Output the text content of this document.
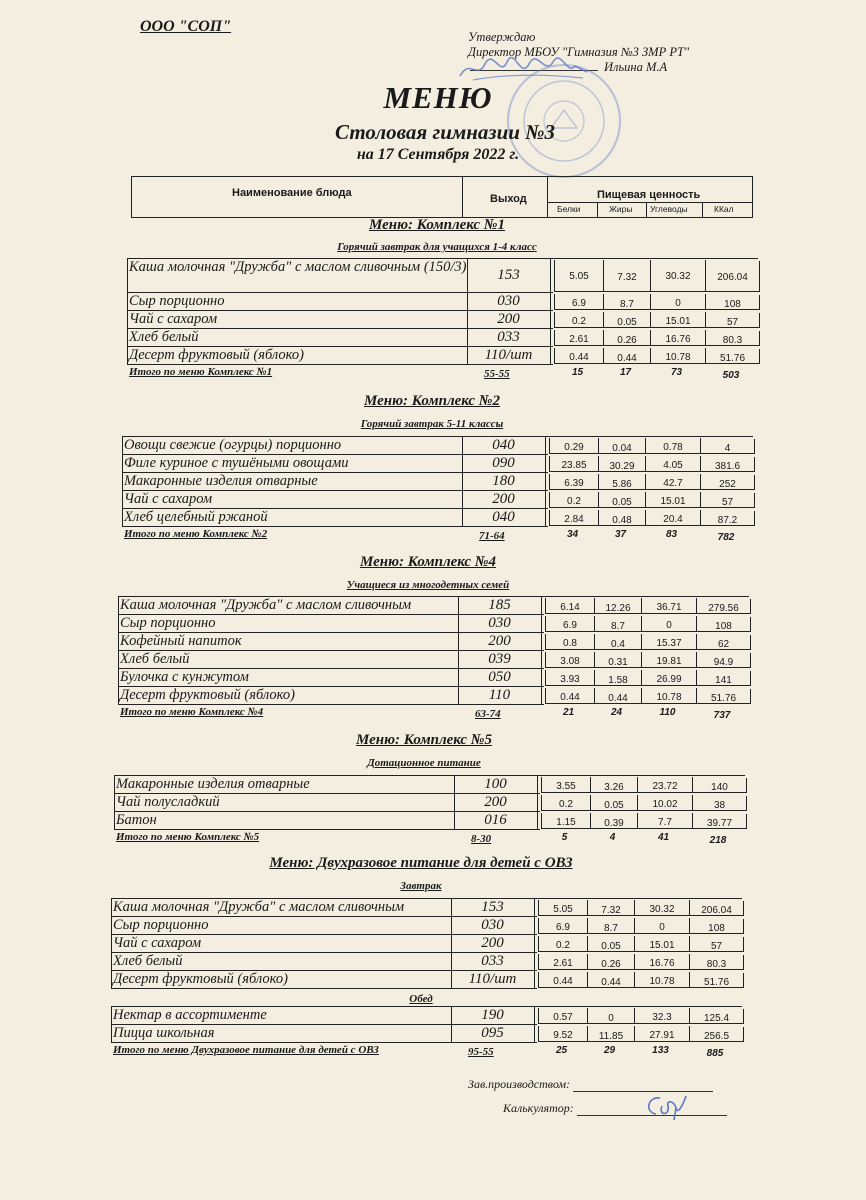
ООО "СОП"
Утверждаю
Директор МБОУ "Гимназия №3 ЗМР РТ"
Ильина М.А
МЕНЮ
Столовая гимназии №3
на 17 Сентября 2022 г.
Наименование блюда	Выход	Пищевая ценность
Белки	Жиры Углеводы	ККал
Меню: Комплекс №1
Горячий завтрак для учащихся 1-4 класс
Каша молочная "Дружба" с маслом сливочным (150/3)	153	5.05	7.32	30.32	206.04
Сыр порционно	030	6.9	8.7	0	108
Чай с сахаром	200	0.2	0.05	15.01	57
Хлеб белый	033	2.61	0.26	16.76	80.3
Десерт фруктовый (яблоко)	110/шт	0.44	0.44	10.78	51.76
Итого по меню Комплекс №1	55-55	15	17	73	503
Меню: Комплекс №2
Горячий завтрак 5-11 классы
Овощи свежие (огурцы) порционно	040	0.29	0.04	0.78	4
Филе куриное с тушёными овощами	090	23.85	30.29	4.05	381.6
Макаронные изделия отварные	180	6.39	5.86	42.7	252
Чай с сахаром	200	0.2	0.05	15.01	57
Хлеб целебный ржаной	040	2.84	0.48	20.4	87.2
Итого по меню Комплекс №2	71-64	34	37	83	782
Меню: Комплекс №4
Учащиеся из многодетных семей
Каша молочная "Дружба" с маслом сливочным	185	6.14	12.26	36.71	279.56
Сыр порционно	030	6.9	8.7	0	108
Кофейный напиток	200	0.8	0.4	15.37	62
Хлеб белый	039	3.08	0.31	19.81	94.9
Булочка с кунжутом	050	3.93	1.58	26.99	141
Десерт фруктовый (яблоко)	110	0.44	0.44	10.78	51.76
Итого по меню Комплекс №4	63-74	21	24	110	737
Меню: Комплекс №5
Дотационное питание
Макаронные изделия отварные	100	3.55	3.26	23.72	140
Чай полусладкий	200	0.2	0.05	10.02	38
Батон	016	1.15	0.39	7.7	39.77
Итого по меню Комплекс №5	8-30	5	4	41	218
Меню: Двухразовое питание для детей с ОВЗ
Завтрак
Каша молочная "Дружба" с маслом сливочным	153	5.05	7.32	30.32	206.04
Сыр порционно	030	6.9	8.7	0	108
Чай с сахаром	200	0.2	0.05	15.01	57
Хлеб белый	033	2.61	0.26	16.76	80.3
Десерт фруктовый (яблоко)	110/шт	0.44	0.44	10.78	51.76
Обед
Нектар в ассортименте	190	0.57	0	32.3	125.4
Пицца школьная	095	9.52	11.85	27.91	256.5
Итого по меню Двухразовое питание для детей с ОВЗ	95-55	25	29	133	885
Зав.производством:
Калькулятор:
